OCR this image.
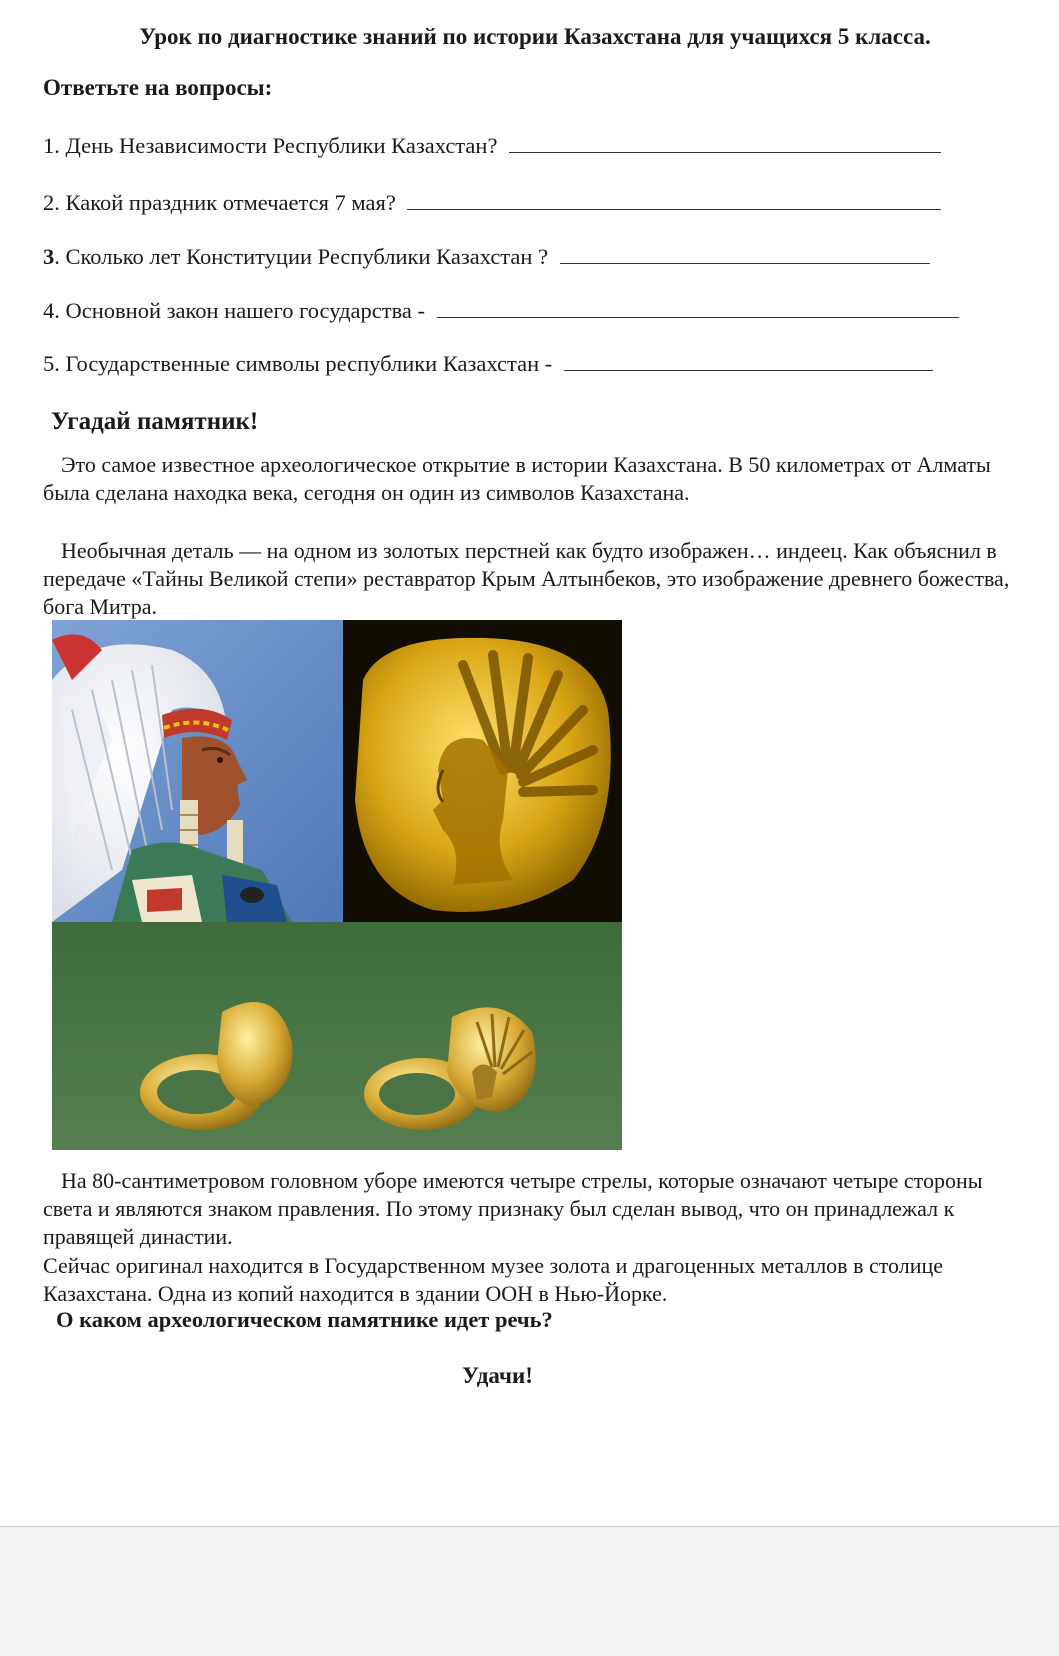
Урок по диагностике знаний по истории Казахстана для учащихся 5 класса.
Ответьте на вопросы:
1. День Независимости Республики Казахстан?
2. Какой праздник отмечается 7 мая?
3. Сколько лет Конституции Республики Казахстан ?
4. Основной закон нашего государства -
5. Государственные символы республики Казахстан -
Угадай памятник!
Это самое известное археологическое открытие в истории Казахстана. В 50 километрах от Алматы была сделана находка века, сегодня он один из символов Казахстана.
Необычная деталь — на одном из золотых перстней как будто изображен… индеец. Как объяснил в передаче «Тайны Великой степи» реставратор Крым Алтынбеков, это изображение древнего божества, бога Митра.
На 80-сантиметровом головном уборе имеются четыре стрелы, которые означают четыре стороны света и являются знаком правления. По этому признаку был сделан вывод, что он принадлежал к правящей династии.
Сейчас оригинал находится в Государственном музее золота и драгоценных металлов в столице Казахстана. Одна из копий находится в здании ООН в Нью-Йорке.
О каком археологическом памятнике идет речь?
Удачи!
